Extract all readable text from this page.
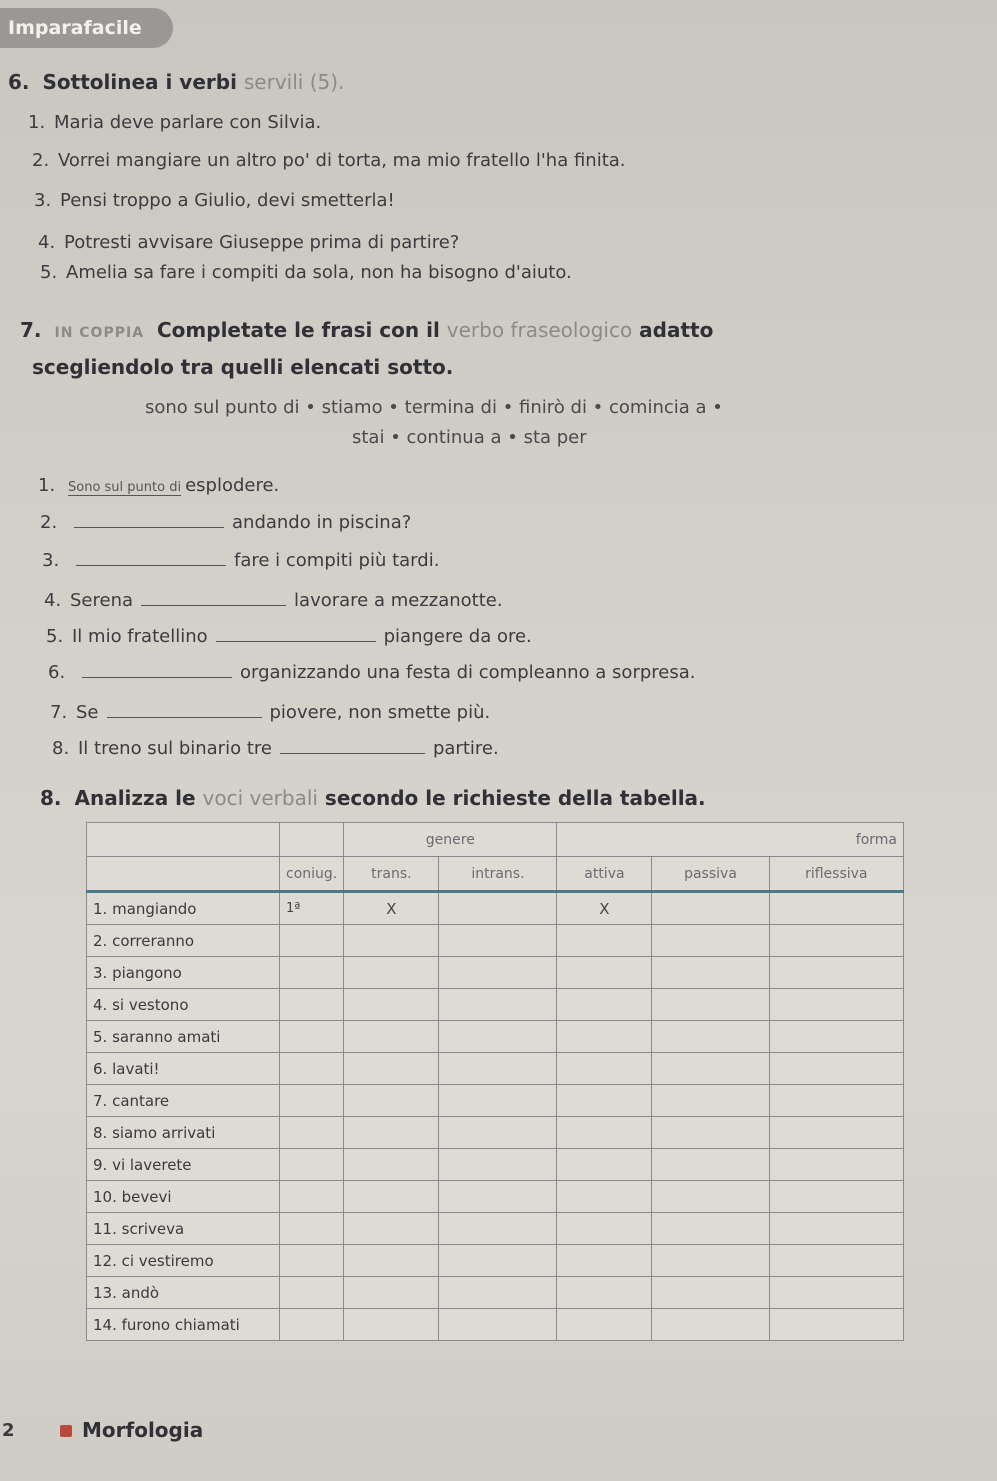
Imparafacile
6. Sottolinea i verbi servili (5).
1. Maria deve parlare con Silvia.
2. Vorrei mangiare un altro po' di torta, ma mio fratello l'ha finita.
3. Pensi troppo a Giulio, devi smetterla!
4. Potresti avvisare Giuseppe prima di partire?
5. Amelia sa fare i compiti da sola, non ha bisogno d'aiuto.
7. IN COPPIA Completate le frasi con il verbo fraseologico adatto
scegliendolo tra quelli elencati sotto.
sono sul punto di • stiamo • termina di • finirò di • comincia a •
stai • continua a • sta per
1. Sono sul punto di esplodere.
2.	andando in piscina?
3.	fare i compiti più tardi.
4. Serena	lavorare a mezzanotte.
5. Il mio fratellino	piangere da ore.
6.	organizzando una festa di compleanno a sorpresa.
7. Se	piovere, non smette più.
8. Il treno sul binario tre	partire.
8. Analizza le voci verbali secondo le richieste della tabella.
		genere		forma		
	coniug.	trans.	intrans.	attiva	passiva	riflessiva
1. mangiando	1ª	X		X		
2. correranno						
3. piangono						
4. si vestono						
5. saranno amati						
6. lavati!						
7. cantare						
8. siamo arrivati						
9. vi laverete						
10. bevevi						
11. scriveva						
12. ci vestiremo						
13. andò						
14. furono chiamati						
2	Morfologia
